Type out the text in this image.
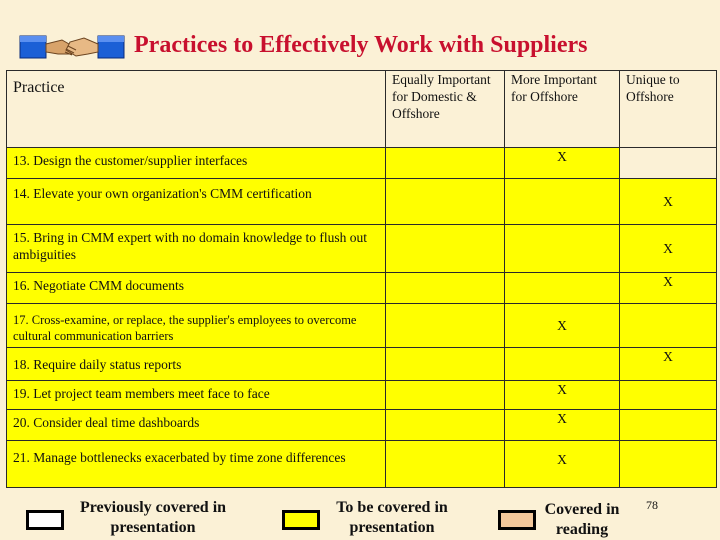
Practices to Effectively Work with Suppliers
Practice	Equally Important for Domestic & Offshore	More Important for Offshore	Unique to Offshore
13. Design the customer/supplier interfaces		X	
14. Elevate your own organization's CMM certification			X
15. Bring in CMM expert with no domain knowledge to flush out ambiguities			X
16. Negotiate CMM documents			X
17. Cross-examine, or replace, the supplier's employees to overcome cultural communication barriers		X	
18. Require daily status reports			X
19. Let project team members meet face to face		X	
20. Consider deal time dashboards		X	
21. Manage bottlenecks exacerbated by time zone differences		X	
Previously covered in presentation
To be covered in presentation
Covered in reading
78
